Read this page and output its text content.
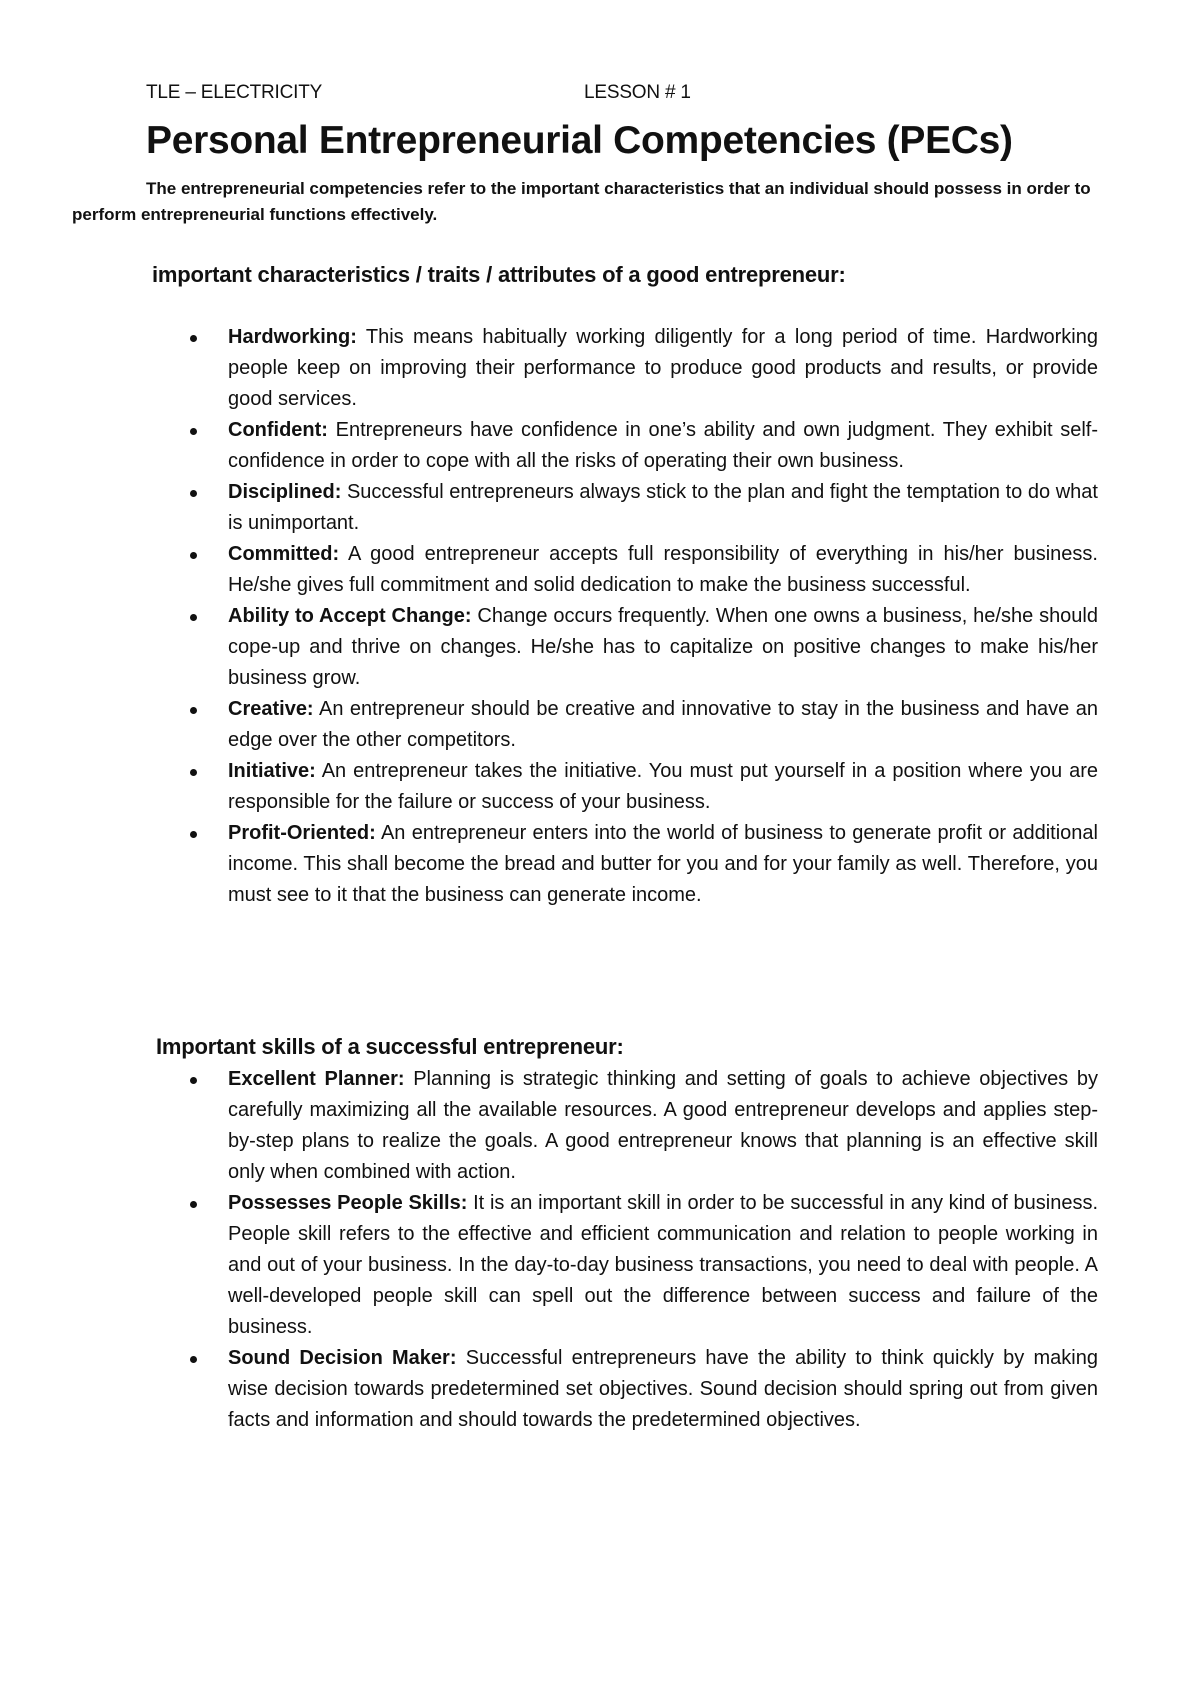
TLE – ELECTRICITY	LESSON # 1
Personal Entrepreneurial Competencies (PECs)

The entrepreneurial competencies refer to the important characteristics that an individual should possess in order to perform entrepreneurial functions effectively.

important characteristics / traits / attributes of a good entrepreneur:
Hardworking: This means habitually working diligently for a long period of time. Hardworking people keep on improving their performance to produce good products and results, or provide good services.
Confident: Entrepreneurs have confidence in one’s ability and own judgment. They exhibit self-confidence in order to cope with all the risks of operating their own business.
Disciplined: Successful entrepreneurs always stick to the plan and fight the temptation to do what is unimportant.
Committed: A good entrepreneur accepts full responsibility of everything in his/her business. He/she gives full commitment and solid dedication to make the business successful.
Ability to Accept Change: Change occurs frequently. When one owns a business, he/she should cope-up and thrive on changes. He/she has to capitalize on positive changes to make his/her business grow.
Creative: An entrepreneur should be creative and innovative to stay in the business and have an edge over the other competitors.
Initiative: An entrepreneur takes the initiative. You must put yourself in a position where you are responsible for the failure or success of your business.
Profit-Oriented: An entrepreneur enters into the world of business to generate profit or additional income. This shall become the bread and butter for you and for your family as well. Therefore, you must see to it that the business can generate income.
Important skills of a successful entrepreneur:
Excellent Planner: Planning is strategic thinking and setting of goals to achieve objectives by carefully maximizing all the available resources. A good entrepreneur develops and applies step-by-step plans to realize the goals. A good entrepreneur knows that planning is an effective skill only when combined with action.
Possesses People Skills: It is an important skill in order to be successful in any kind of business. People skill refers to the effective and efficient communication and relation to people working in and out of your business. In the day-to-day business transactions, you need to deal with people. A well-developed people skill can spell out the difference between success and failure of the business.
Sound Decision Maker: Successful entrepreneurs have the ability to think quickly by making wise decision towards predetermined set objectives. Sound decision should spring out from given facts and information and should towards the predetermined objectives.
